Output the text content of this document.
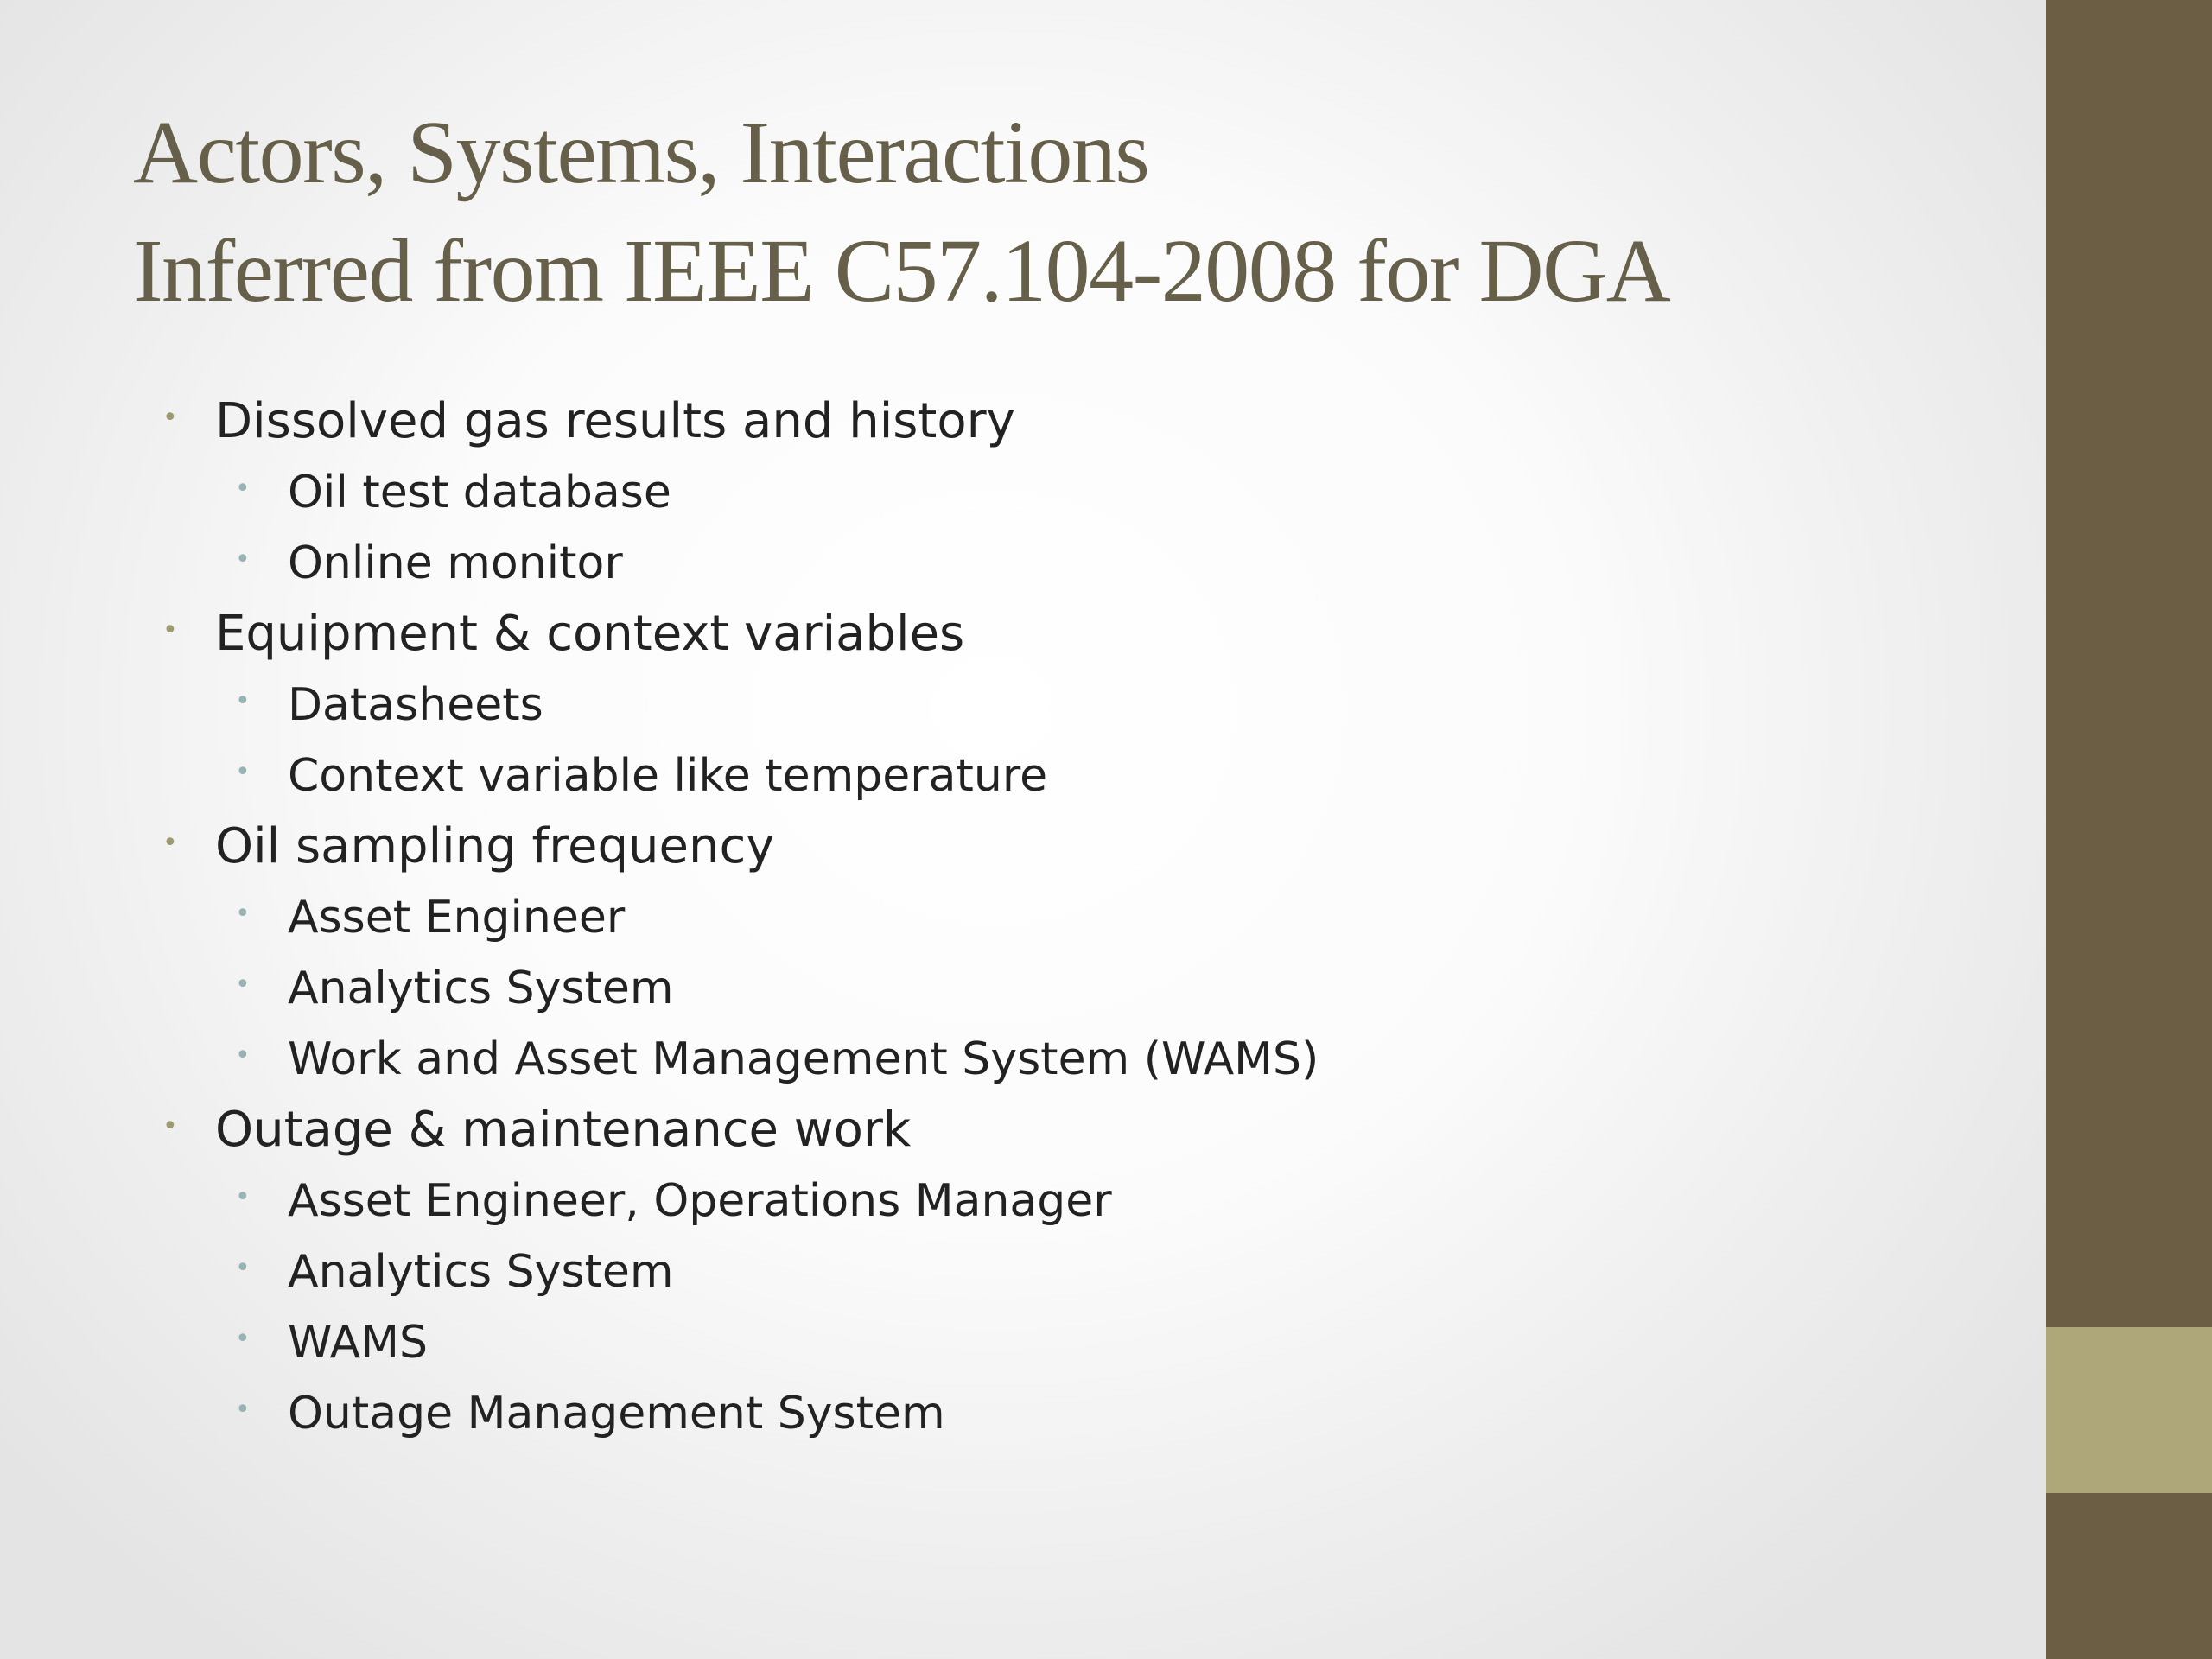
Actors, Systems, Interactions
Inferred from IEEE C57.104-2008 for DGA
• Dissolved gas results and history
• Oil test database
• Online monitor
• Equipment & context variables
• Datasheets
• Context variable like temperature
• Oil sampling frequency
• Asset Engineer
• Analytics System
• Work and Asset Management System (WAMS)
• Outage & maintenance work
• Asset Engineer, Operations Manager
• Analytics System
• WAMS
• Outage Management System
